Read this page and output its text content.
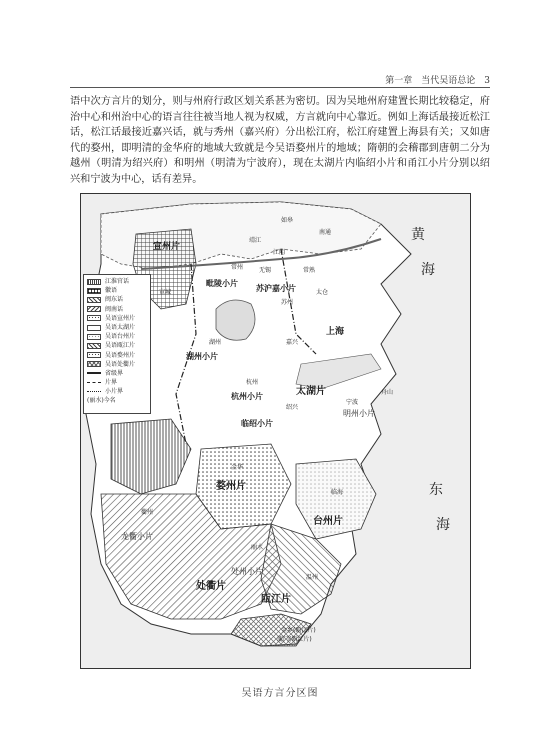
第一章　当代吴语总论　3

语中次方言片的划分，则与州府行政区划关系甚为密切。因为吴地州府建置长期比较稳定，府治中心和州治中心的语言往往被当地人视为权威，方言就向中心靠近。例如上海话最接近松江话，松江话最接近嘉兴话，就与秀州（嘉兴府）分出松江府，松江府建置上海县有关；又如唐代的婺州，即明清的金华府的地域大致就是今吴语婺州片的地域；隋朝的会稽郡到唐朝二分为越州（明清为绍兴府）和明州（明清为宁波府），现在太湖片内临绍小片和甬江小片分别以绍兴和宁波为中心，话有差异。

黄
海
东
海
太湖片
婺州片
台州片
处衢片
瓯江片
宣州片
苏沪嘉小片
毗陵小片
湖州小片
杭州小片
临绍小片
明州小片
上海
处州小片
龙衢小片
如皋
南通
靖江
江阴
常熟
无锡
常州
苏州
太仓
嘉兴
湖州
杭州
绍兴
宁波
舟山
临海
金华
衢州
丽水
温州
金乡(瓯江片)
蒲门(瓯江片)
宣城
江淮官话
徽语
闽东话
闽南话
吴语宣州片
吴语太湖片
吴语台州片
吴语瓯江片
吴语婺州片
吴语处衢片
省级界
片界
小片界
(丽水)今名
吴语方言分区图
